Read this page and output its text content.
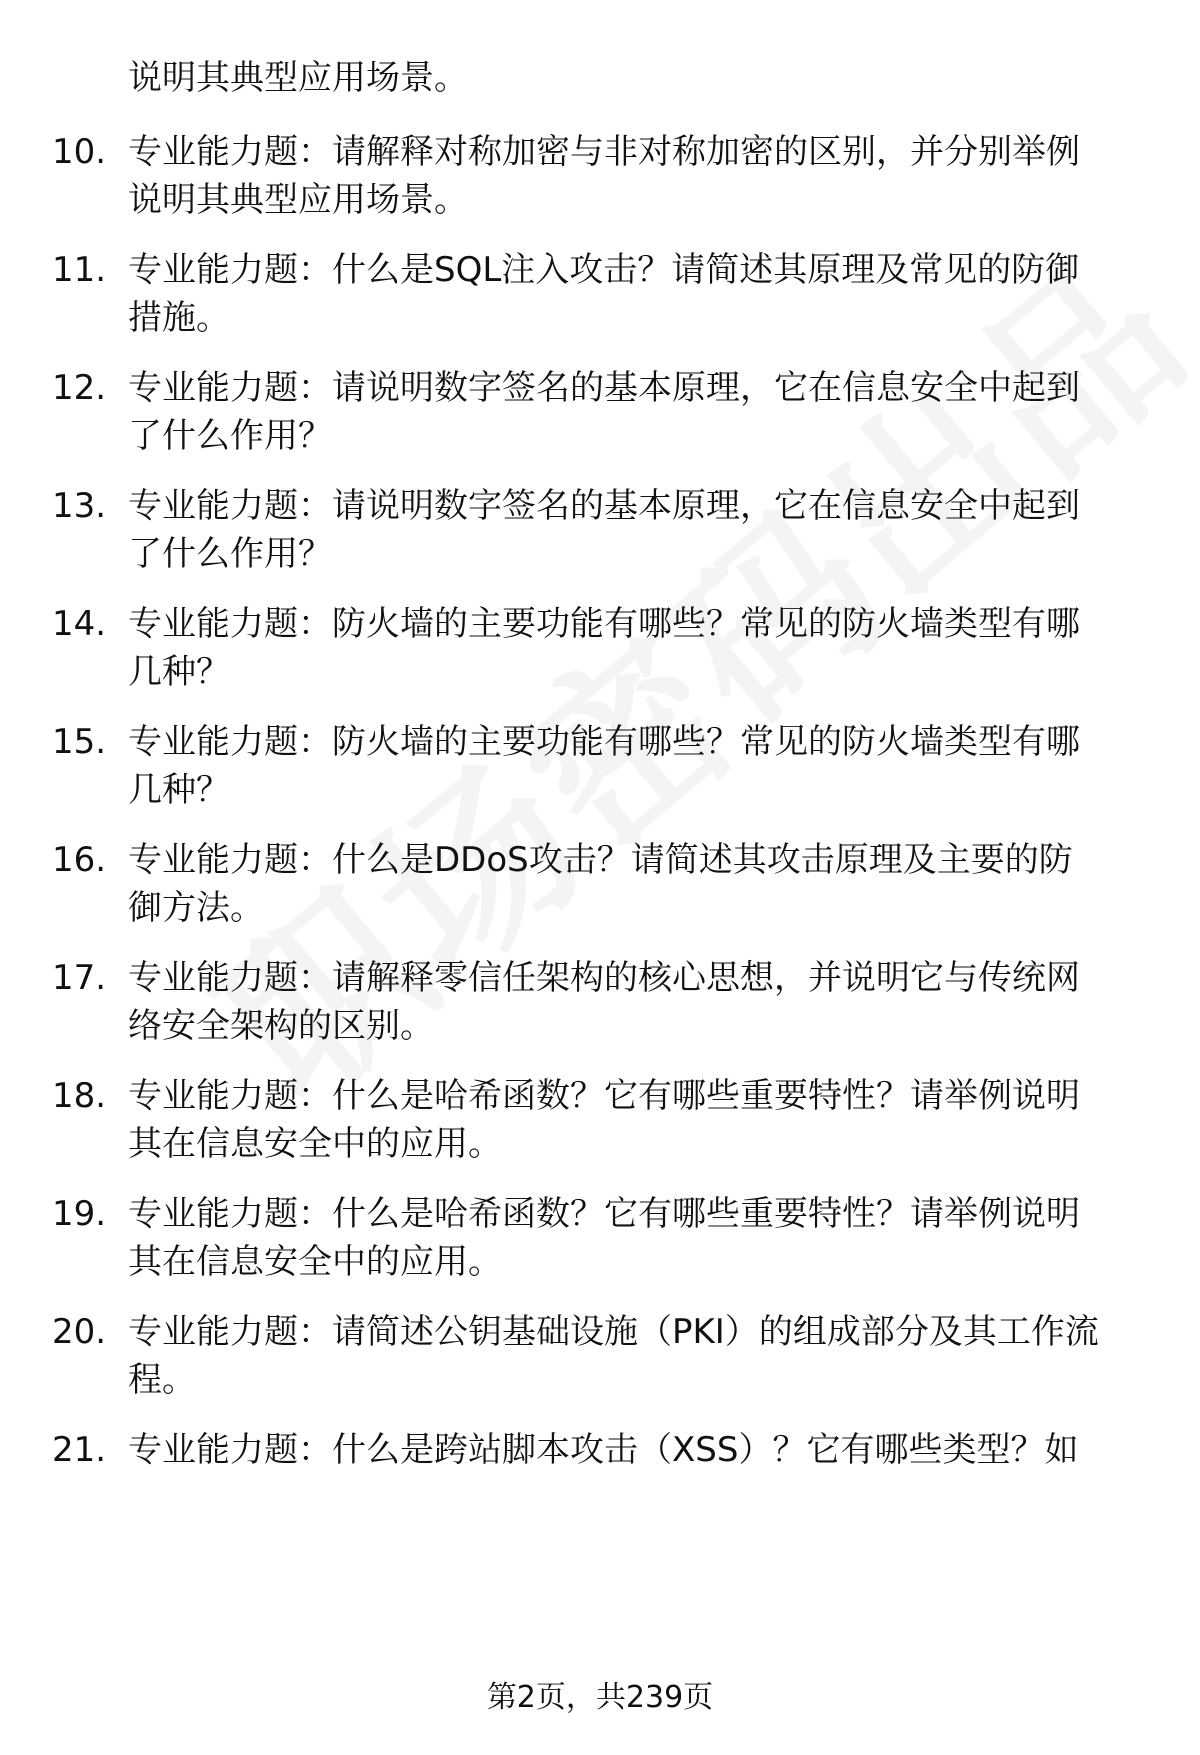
说明其典型应用场景。
10. 专业能力题：请解释对称加密与非对称加密的区别，并分别举例
说明其典型应用场景。
11. 专业能力题：什么是SQL注入攻击？请简述其原理及常见的防御
措施。
12. 专业能力题：请说明数字签名的基本原理，它在信息安全中起到
了什么作用？
13. 专业能力题：请说明数字签名的基本原理，它在信息安全中起到
了什么作用？
14. 专业能力题：防火墙的主要功能有哪些？常见的防火墙类型有哪
几种？
15. 专业能力题：防火墙的主要功能有哪些？常见的防火墙类型有哪
几种？
16. 专业能力题：什么是DDoS攻击？请简述其攻击原理及主要的防
御方法。
17. 专业能力题：请解释零信任架构的核心思想，并说明它与传统网
络安全架构的区别。
18. 专业能力题：什么是哈希函数？它有哪些重要特性？请举例说明
其在信息安全中的应用。
19. 专业能力题：什么是哈希函数？它有哪些重要特性？请举例说明
其在信息安全中的应用。
20. 专业能力题：请简述公钥基础设施（PKI）的组成部分及其工作流
程。
21. 专业能力题：什么是跨站脚本攻击（XSS）？它有哪些类型？如
第2页，共239页
